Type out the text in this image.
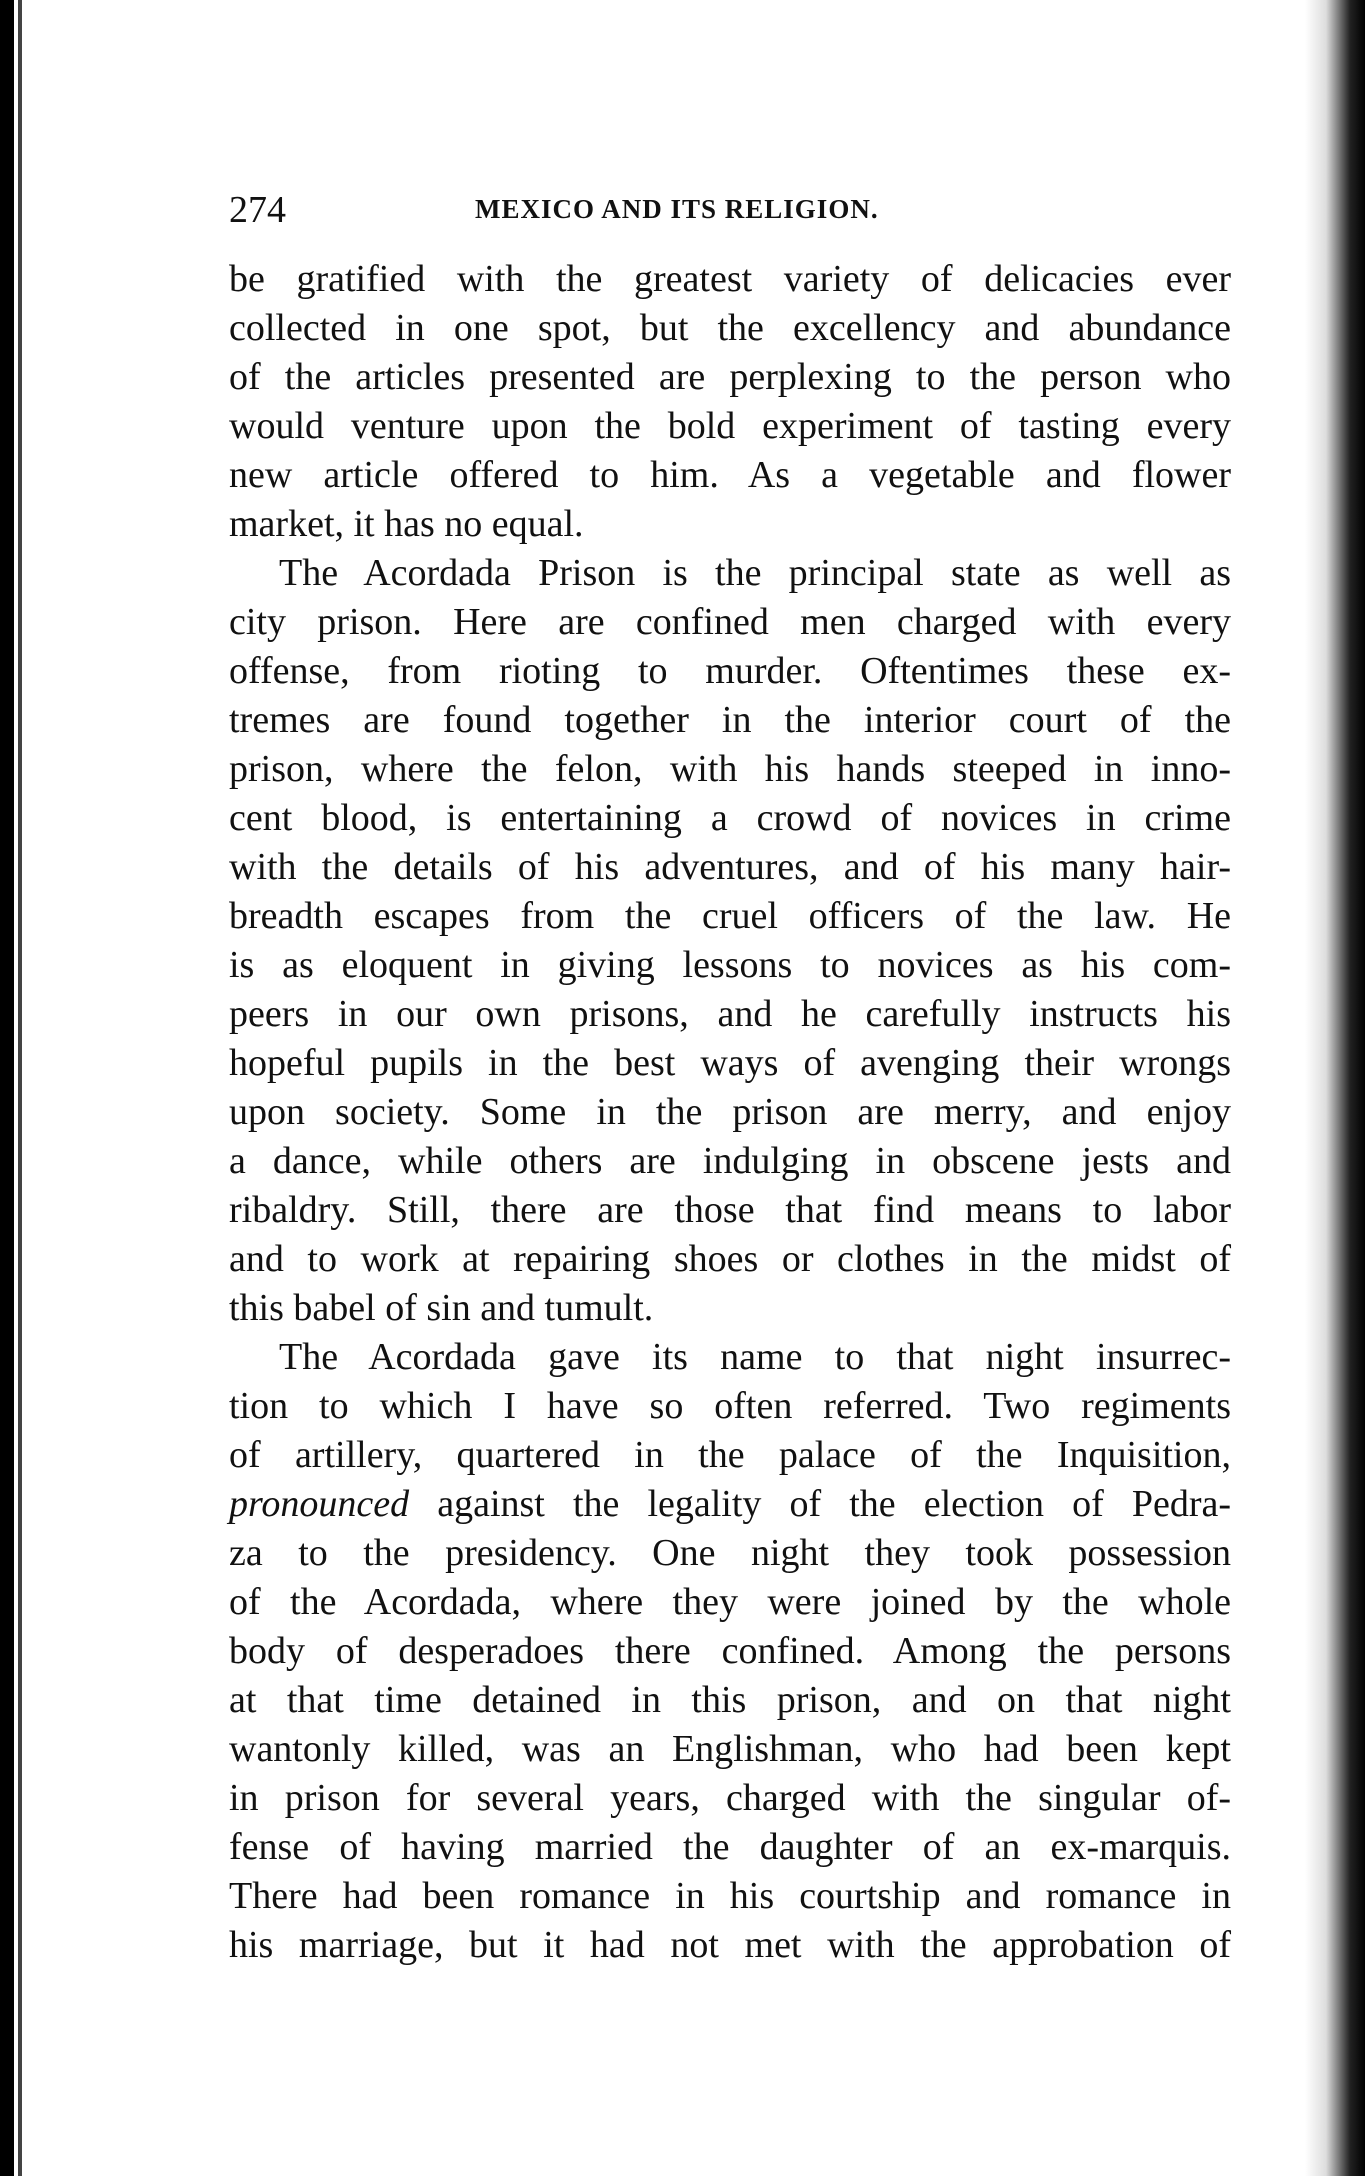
274	MEXICO AND ITS RELIGION.
be gratified with the greatest variety of delicacies ever
collected in one spot, but the excellency and abundance
of the articles presented are perplexing to the person who
would venture upon the bold experiment of tasting every
new article offered to him. As a vegetable and flower
market, it has no equal.
The Acordada Prison is the principal state as well as
city prison. Here are confined men charged with every
offense, from rioting to murder. Oftentimes these ex-
tremes are found together in the interior court of the
prison, where the felon, with his hands steeped in inno-
cent blood, is entertaining a crowd of novices in crime
with the details of his adventures, and of his many hair-
breadth escapes from the cruel officers of the law. He
is as eloquent in giving lessons to novices as his com-
peers in our own prisons, and he carefully instructs his
hopeful pupils in the best ways of avenging their wrongs
upon society. Some in the prison are merry, and enjoy
a dance, while others are indulging in obscene jests and
ribaldry. Still, there are those that find means to labor
and to work at repairing shoes or clothes in the midst of
this babel of sin and tumult.
The Acordada gave its name to that night insurrec-
tion to which I have so often referred. Two regiments
of artillery, quartered in the palace of the Inquisition,
pronounced against the legality of the election of Pedra-
za to the presidency. One night they took possession
of the Acordada, where they were joined by the whole
body of desperadoes there confined. Among the persons
at that time detained in this prison, and on that night
wantonly killed, was an Englishman, who had been kept
in prison for several years, charged with the singular of-
fense of having married the daughter of an ex-marquis.
There had been romance in his courtship and romance in
his marriage, but it had not met with the approbation of
